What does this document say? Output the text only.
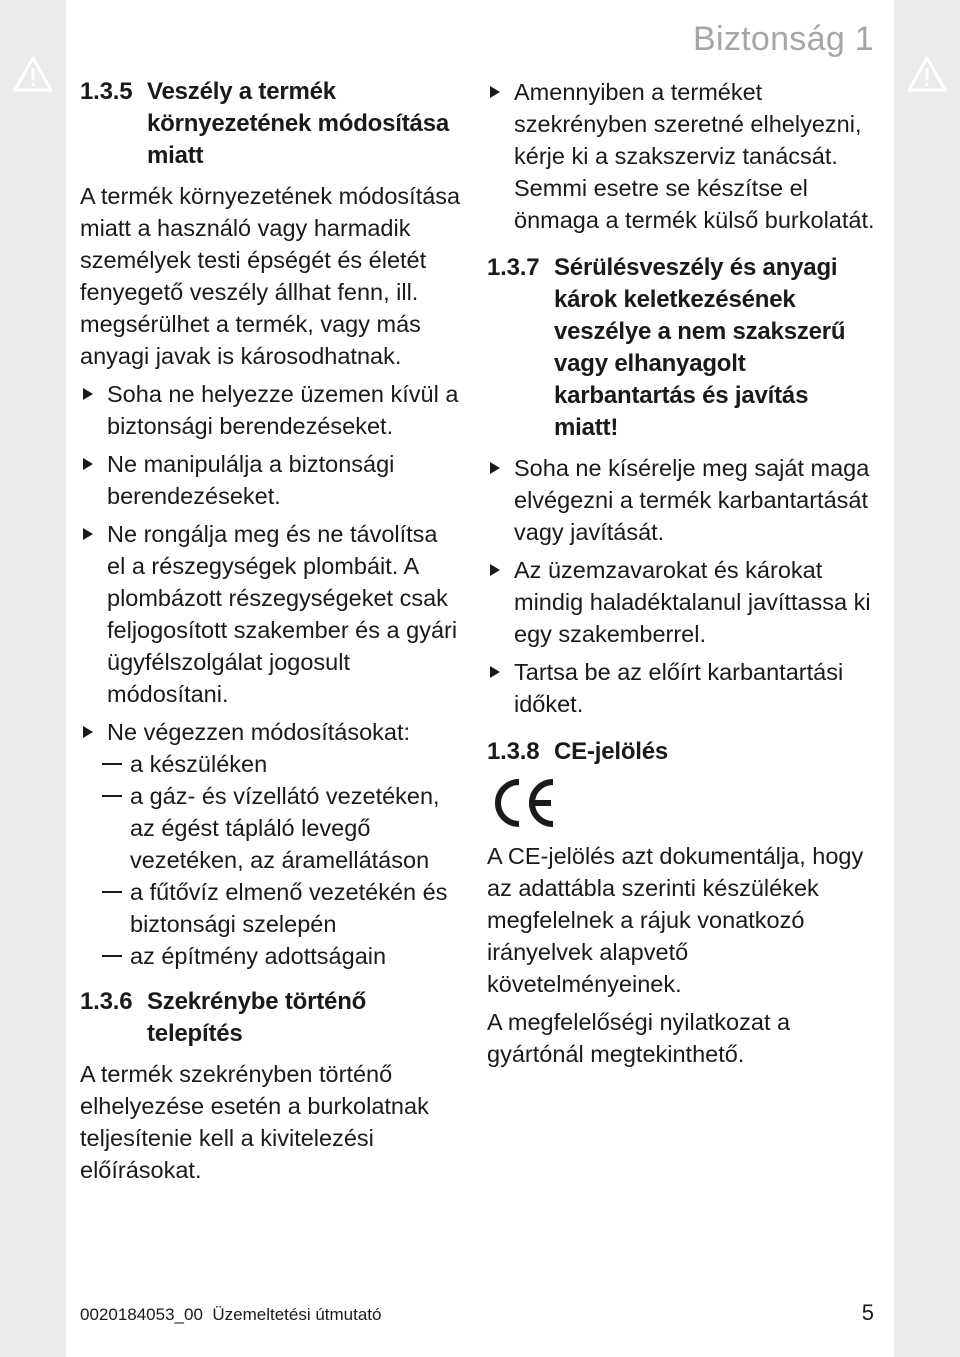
Biztonság 1
1.3.5 Veszély a termék környezetének módosítása miatt

A termék környezetének módosítása miatt a használó vagy harmadik személyek testi épségét és életét fenyegető veszély állhat fenn, ill. megsérülhet a termék, vagy más anyagi javak is károsodhatnak.

Soha ne helyezze üzemen kívül a biztonsági berendezéseket.
Ne manipulálja a biztonsági berendezéseket.
Ne rongálja meg és ne távolítsa el a részegységek plombáit. A plombázott részegységeket csak feljogosított szakember és a gyári ügyfélszolgálat jogosult módosítani.
Ne végezzen módosításokat:
a készüléken
a gáz- és vízellátó vezetéken, az égést tápláló levegő vezetéken, az áramellátáson
a fűtővíz elmenő vezetékén és biztonsági szelepén
az építmény adottságain
1.3.6 Szekrénybe történő telepítés

A termék szekrényben történő elhelyezése esetén a burkolatnak teljesítenie kell a kivitelezési előírásokat.

Amennyiben a terméket szekrényben szeretné elhelyezni, kérje ki a szakszerviz tanácsát. Semmi esetre se készítse el önmaga a termék külső burkolatát.
1.3.7 Sérülésveszély és anyagi károk keletkezésének veszélye a nem szakszerű vagy elhanyagolt karbantartás és javítás miatt!
Soha ne kísérelje meg saját maga elvégezni a termék karbantartását vagy javítását.
Az üzemzavarokat és károkat mindig haladéktalanul javíttassa ki egy szakemberrel.
Tartsa be az előírt karbantartási időket.
1.3.8 CE-jelölés

A CE-jelölés azt dokumentálja, hogy az adattábla szerinti készülékek megfelelnek a rájuk vonatkozó irányelvek alapvető követelményeinek.

A megfelelőségi nyilatkozat a gyártónál megtekinthető.

0020184053_00  Üzemeltetési útmutató	5
